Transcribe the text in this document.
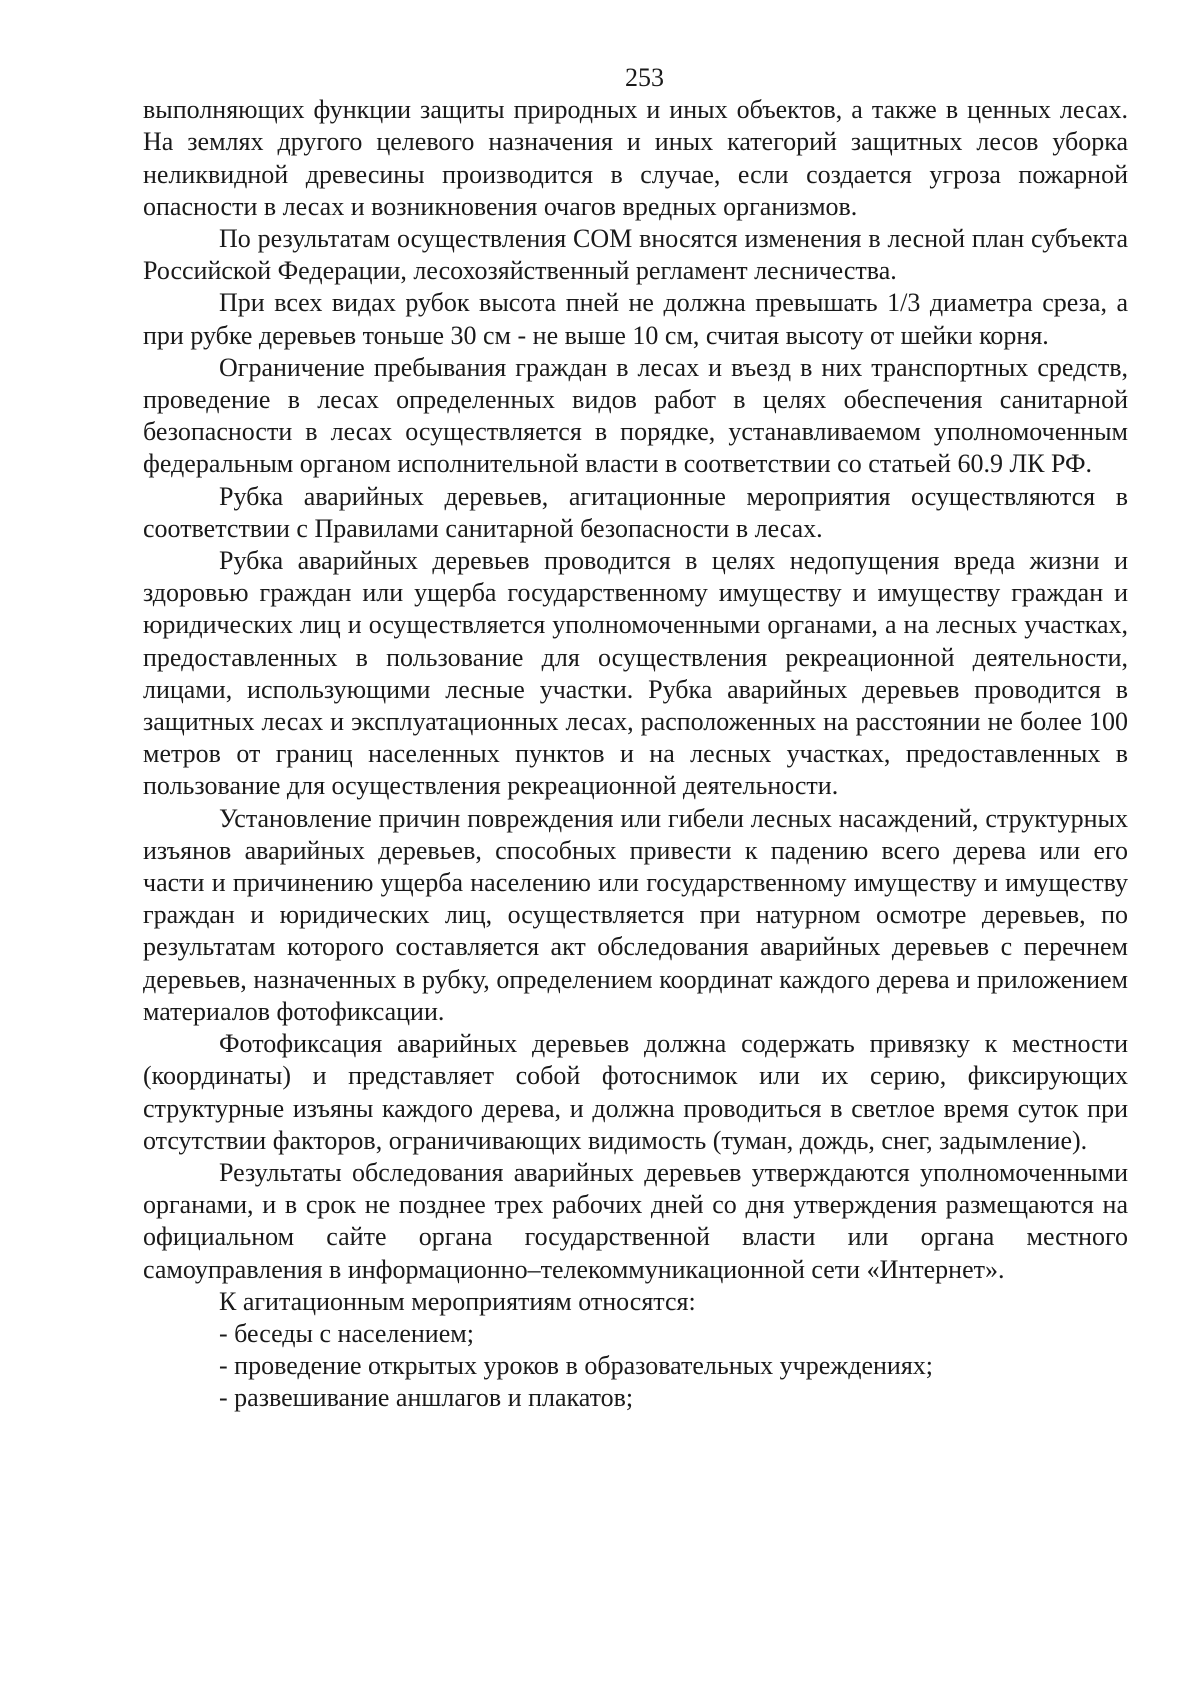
253

выполняющих функции защиты природных и иных объектов, а также в ценных лесах. На землях другого целевого назначения и иных категорий защитных лесов уборка неликвидной древесины производится в случае, если создается угроза пожарной опасности в лесах и возникновения очагов вредных организмов.

По результатам осуществления СОМ вносятся изменения в лесной план субъекта Российской Федерации, лесохозяйственный регламент лесничества.

При всех видах рубок высота пней не должна превышать 1/3 диаметра среза, а при рубке деревьев тоньше 30 см - не выше 10 см, считая высоту от шейки корня.

Ограничение пребывания граждан в лесах и въезд в них транспортных средств, проведение в лесах определенных видов работ в целях обеспечения санитарной безопасности в лесах осуществляется в порядке, устанавливаемом уполномоченным федеральным органом исполнительной власти в соответствии со статьей 60.9 ЛК РФ.

Рубка аварийных деревьев, агитационные мероприятия осуществляются в соответствии с Правилами санитарной безопасности в лесах.

Рубка аварийных деревьев проводится в целях недопущения вреда жизни и здоровью граждан или ущерба государственному имуществу и имуществу граждан и юридических лиц и осуществляется уполномоченными органами, а на лесных участках, предоставленных в пользование для осуществления рекреационной деятельности, лицами, использующими лесные участки. Рубка аварийных деревьев проводится в защитных лесах и эксплуатационных лесах, расположенных на расстоянии не более 100 метров от границ населенных пунктов и на лесных участках, предоставленных в пользование для осуществления рекреационной деятельности.

Установление причин повреждения или гибели лесных насаждений, структурных изъянов аварийных деревьев, способных привести к падению всего дерева или его части и причинению ущерба населению или государственному имуществу и имуществу граждан и юридических лиц, осуществляется при натурном осмотре деревьев, по результатам которого составляется акт обследования аварийных деревьев с перечнем деревьев, назначенных в рубку, определением координат каждого дерева и приложением материалов фотофиксации.

Фотофиксация аварийных деревьев должна содержать привязку к местности (координаты) и представляет собой фотоснимок или их серию, фиксирующих структурные изъяны каждого дерева, и должна проводиться в светлое время суток при отсутствии факторов, ограничивающих видимость (туман, дождь, снег, задымление).

Результаты обследования аварийных деревьев утверждаются уполномоченными органами, и в срок не позднее трех рабочих дней со дня утверждения размещаются на официальном сайте органа государственной власти или органа местного самоуправления в информационно–телекоммуникационной сети «Интернет».

К агитационным мероприятиям относятся:

- беседы с населением;

- проведение открытых уроков в образовательных учреждениях;

- развешивание аншлагов и плакатов;
